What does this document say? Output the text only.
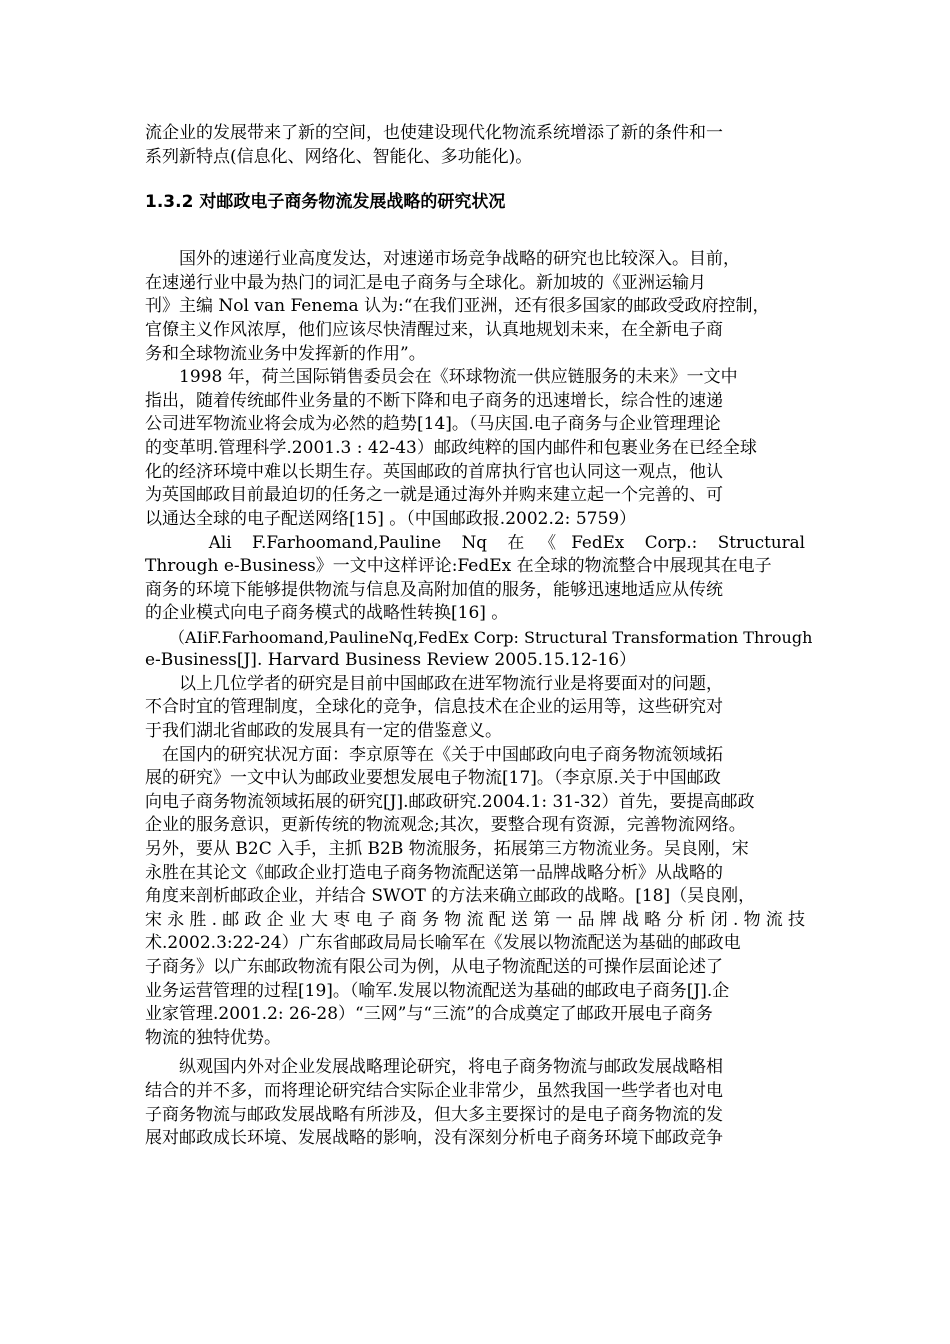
流企业的发展带来了新的空间，也使建设现代化物流系统增添了新的条件和一
系列新特点(信息化、网络化、智能化、多功能化)。
1.3.2 对邮政电子商务物流发展战略的研究状况
　　国外的速递行业高度发达，对速递市场竞争战略的研究也比较深入。目前，
在速递行业中最为热门的词汇是电子商务与全球化。新加坡的《亚洲运输月
刊》主编 Nol van Fenema 认为:“在我们亚洲，还有很多国家的邮政受政府控制，
官僚主义作风浓厚，他们应该尽快清醒过来，认真地规划未来，在全新电子商
务和全球物流业务中发挥新的作用”。
　　1998 年，荷兰国际销售委员会在《环球物流一供应链服务的未来》一文中
指出，随着传统邮件业务量的不断下降和电子商务的迅速增长，综合性的速递
公司进军物流业将会成为必然的趋势[14]。（马庆国.电子商务与企业管理理论
的变革明.管理科学.2001.3 : 42-43）邮政纯粹的国内邮件和包裹业务在已经全球
化的经济环境中难以长期生存。英国邮政的首席执行官也认同这一观点，他认
为英国邮政目前最迫切的任务之一就是通过海外并购来建立起一个完善的、可
以通达全球的电子配送网络[15] 。（中国邮政报.2002.2: 5759）
　　Ali F.Farhoomand,Pauline Nq 在《FedEx Corp.: Structural
Through e-Business》一文中这样评论:FedEx 在全球的物流整合中展现其在电子
商务的环境下能够提供物流与信息及高附加值的服务，能够迅速地适应从传统
的企业模式向电子商务模式的战略性转换[16] 。
　　（AIiF.Farhoomand,PaulineNq,FedEx Corp: Structural Transformation Through
e-Business[J]. Harvard Business Review 2005.15.12-16）
　　以上几位学者的研究是目前中国邮政在进军物流行业是将要面对的问题，
不合时宜的管理制度，全球化的竞争，信息技术在企业的运用等，这些研究对
于我们湖北省邮政的发展具有一定的借鉴意义。
　在国内的研究状况方面：李京原等在《关于中国邮政向电子商务物流领域拓
展的研究》一文中认为邮政业要想发展电子物流[17]。（李京原.关于中国邮政
向电子商务物流领域拓展的研究[J].邮政研究.2004.1: 31-32）首先，要提高邮政
企业的服务意识，更新传统的物流观念;其次，要整合现有资源，完善物流网络。
另外，要从 B2C 入手，主抓 B2B 物流服务，拓展第三方物流业务。吴良刚，宋
永胜在其论文《邮政企业打造电子商务物流配送第一品牌战略分析》从战略的
角度来剖析邮政企业，并结合 SWOT 的方法来确立邮政的战略。[18]（吴良刚，
宋永胜.邮政企业大枣电子商务物流配送第一品牌战略分析闭.物流技
术.2002.3:22-24）广东省邮政局局长喻军在《发展以物流配送为基础的邮政电
子商务》以广东邮政物流有限公司为例，从电子物流配送的可操作层面论述了
业务运营管理的过程[19]。（喻军.发展以物流配送为基础的邮政电子商务[J].企
业家管理.2001.2: 26-28）“三网”与“三流”的合成奠定了邮政开展电子商务
物流的独特优势。
　　纵观国内外对企业发展战略理论研究，将电子商务物流与邮政发展战略相
结合的并不多，而将理论研究结合实际企业非常少，虽然我国一些学者也对电
子商务物流与邮政发展战略有所涉及，但大多主要探讨的是电子商务物流的发
展对邮政成长环境、发展战略的影响，没有深刻分析电子商务环境下邮政竞争
